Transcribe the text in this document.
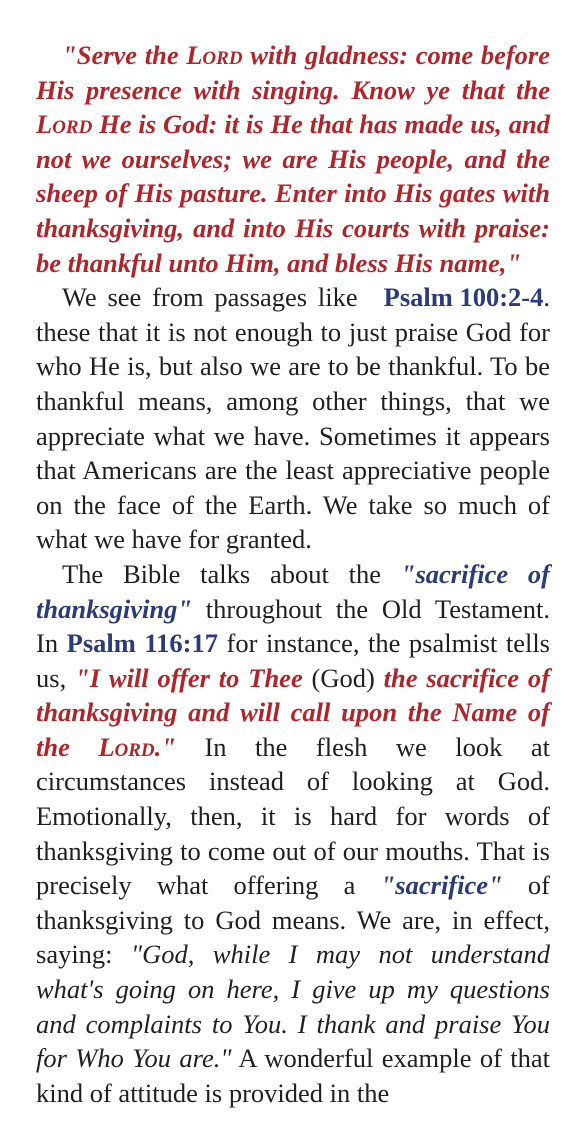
"Serve the Lord with gladness: come before His presence with singing. Know ye that the Lord He is God: it is He that has made us, and not we ourselves; we are His people, and the sheep of His pasture. Enter into His gates with thanksgiving, and into His courts with praise: be thankful unto Him, and bless His name,"
Psalm 100:2-4.

We see from passages like these that it is not enough to just praise God for who He is, but also we are to be thankful. To be thankful means, among other things, that we appreciate what we have. Sometimes it appears that Americans are the least appreciative people on the face of the Earth. We take so much of what we have for granted.

The Bible talks about the "sacrifice of thanksgiving" throughout the Old Testament. In Psalm 116:17 for instance, the psalmist tells us, "I will offer to Thee (God) the sacrifice of thanksgiving and will call upon the Name of the Lord." In the flesh we look at circumstances instead of looking at God. Emotionally, then, it is hard for words of thanksgiving to come out of our mouths. That is precisely what offering a "sacrifice" of thanksgiving to God means. We are, in effect, saying: "God, while I may not understand what's going on here, I give up my questions and complaints to You. I thank and praise You for Who You are." A wonderful example of that kind of attitude is provided in the
